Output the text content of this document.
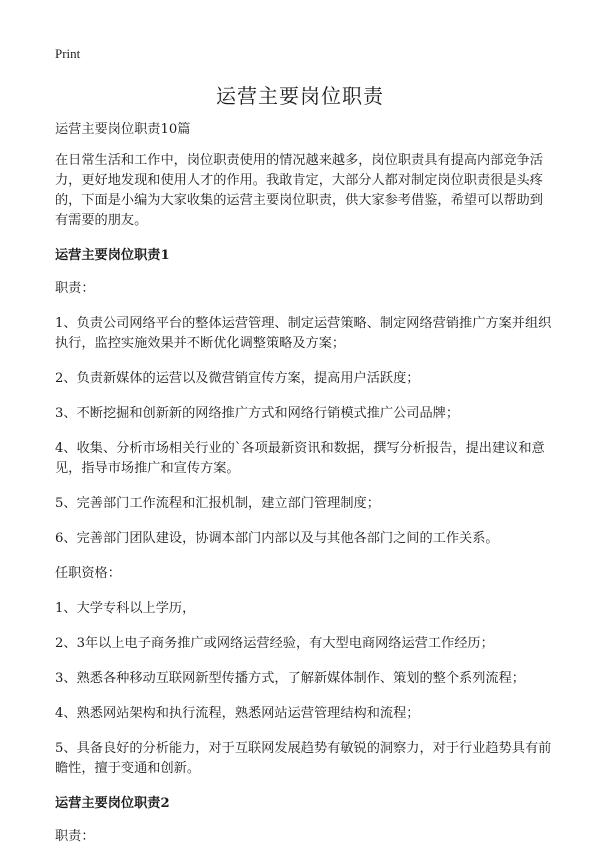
Print
运营主要岗位职责

运营主要岗位职责10篇

在日常生活和工作中，岗位职责使用的情况越来越多，岗位职责具有提高内部竞争活力，更好地发现和使用人才的作用。我敢肯定，大部分人都对制定岗位职责很是头疼的，下面是小编为大家收集的运营主要岗位职责，供大家参考借鉴，希望可以帮助到有需要的朋友。

运营主要岗位职责1

职责：

1、负责公司网络平台的整体运营管理、制定运营策略、制定网络营销推广方案并组织执行，监控实施效果并不断优化调整策略及方案；

2、负责新媒体的运营以及微营销宣传方案，提高用户活跃度；

3、不断挖掘和创新新的网络推广方式和网络行销模式推广公司品牌；

4、收集、分析市场相关行业的`各项最新资讯和数据，撰写分析报告，提出建议和意见，指导市场推广和宣传方案。

5、完善部门工作流程和汇报机制，建立部门管理制度；

6、完善部门团队建设，协调本部门内部以及与其他各部门之间的工作关系。

任职资格：

1、大学专科以上学历，

2、3年以上电子商务推广或网络运营经验，有大型电商网络运营工作经历；

3、熟悉各种移动互联网新型传播方式，了解新媒体制作、策划的整个系列流程；

4、熟悉网站架构和执行流程，熟悉网站运营管理结构和流程；

5、具备良好的分析能力，对于互联网发展趋势有敏锐的洞察力，对于行业趋势具有前瞻性，擅于变通和创新。

运营主要岗位职责2

职责：
